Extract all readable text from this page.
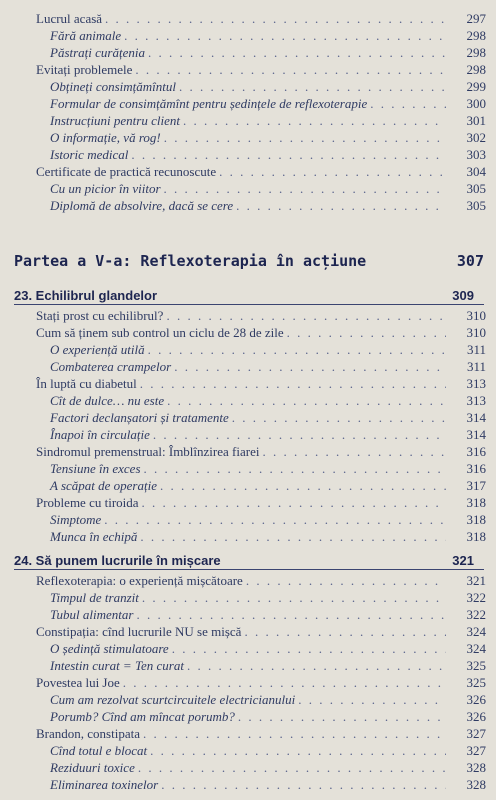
Lucrul acasă . . .	297
Fără animale . . .	298
Păstrați curățenia . . .	298
Evitați problemele . . .	298
Obțineți consimțămîntul . . .	299
Formular de consimțămînt pentru ședințele de reflexoterapie . . .	300
Instrucțiuni pentru client . . .	301
O informație, vă rog! . . .	302
Istoric medical . . .	303
Certificate de practică recunoscute . . .	304
Cu un picior în viitor . . .	305
Diplomă de absolvire, dacă se cere . . .	305
Partea a V-a: Reflexoterapia în acțiune	307
23. Echilibrul glandelor	309
Stați prost cu echilibrul? . . .	310
Cum să ținem sub control un ciclu de 28 de zile . . .	310
O experiență utilă . . .	311
Combaterea crampelor . . .	311
În luptă cu diabetul . . .	313
Cît de dulce… nu este . . .	313
Factori declanșatori și tratamente . . .	314
Înapoi în circulație . . .	314
Sindromul premenstrual: Îmblînzirea fiarei . . .	316
Tensiune în exces . . .	316
A scăpat de operație . . .	317
Probleme cu tiroida . . .	318
Simptome . . .	318
Munca în echipă . . .	318
24. Să punem lucrurile în mișcare	321
Reflexoterapia: o experiență mișcătoare . . .	321
Timpul de tranzit . . .	322
Tubul alimentar . . .	322
Constipația: cînd lucrurile NU se mișcă . . .	324
O ședință stimulatoare . . .	324
Intestin curat = Ten curat . . .	325
Povestea lui Joe . . .	325
Cum am rezolvat scurtcircuitele electricianului . . .	326
Porumb? Cînd am mîncat porumb? . . .	326
Brandon, constipata . . .	327
Cînd totul e blocat . . .	327
Reziduuri toxice . . .	328
Eliminarea toxinelor . . .	328
